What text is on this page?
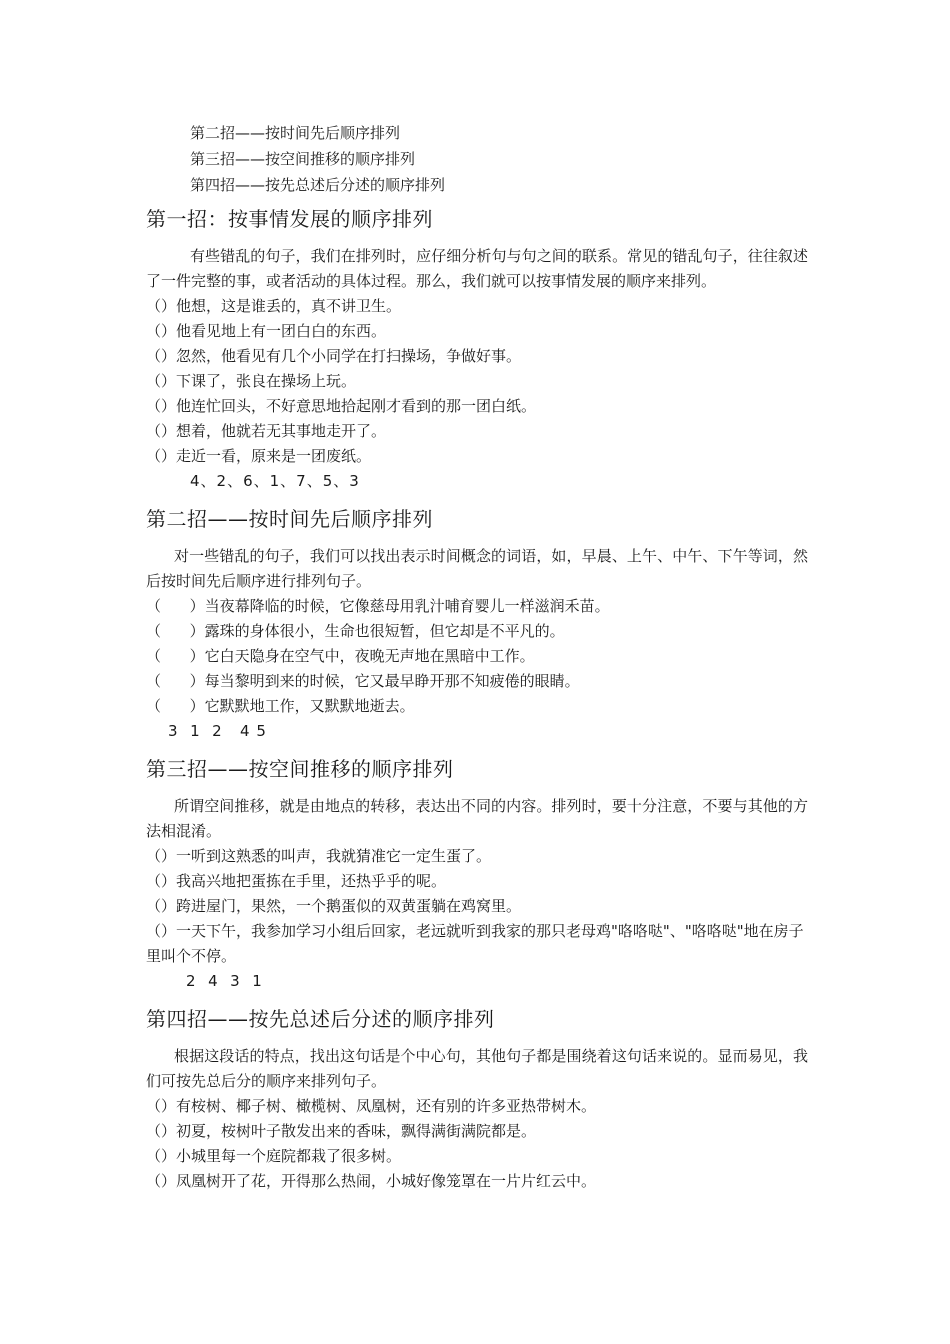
第二招——按时间先后顺序排列

第三招——按空间推移的顺序排列

第四招——按先总述后分述的顺序排列

第一招：按事情发展的顺序排列

有些错乱的句子，我们在排列时，应仔细分析句与句之间的联系。常见的错乱句子，往往叙述了一件完整的事，或者活动的具体过程。那么，我们就可以按事情发展的顺序来排列。

（）他想，这是谁丢的，真不讲卫生。

（）他看见地上有一团白白的东西。

（）忽然，他看见有几个小同学在打扫操场，争做好事。

（）下课了，张良在操场上玩。

（）他连忙回头，不好意思地拾起刚才看到的那一团白纸。

（）想着，他就若无其事地走开了。

（）走近一看，原来是一团废纸。

4、2、6、1、7、5、3

第二招——按时间先后顺序排列

对一些错乱的句子，我们可以找出表示时间概念的词语，如，早晨、上午、中午、下午等词，然后按时间先后顺序进行排列句子。

（      ）当夜幕降临的时候，它像慈母用乳汁哺育婴儿一样滋润禾苗。

（      ）露珠的身体很小，生命也很短暂，但它却是不平凡的。

（      ）它白天隐身在空气中，夜晚无声地在黑暗中工作。

（      ）每当黎明到来的时候，它又最早睁开那不知疲倦的眼睛。

（      ）它默默地工作，又默默地逝去。

3  1  2   4 5

第三招——按空间推移的顺序排列

所谓空间推移，就是由地点的转移，表达出不同的内容。排列时，要十分注意，不要与其他的方法相混淆。

（）一听到这熟悉的叫声，我就猜准它一定生蛋了。

（）我高兴地把蛋拣在手里，还热乎乎的呢。

（）跨进屋门，果然，一个鹅蛋似的双黄蛋躺在鸡窝里。

（）一天下午，我参加学习小组后回家，老远就听到我家的那只老母鸡"咯咯哒"、"咯咯哒"地在房子里叫个不停。

2  4  3  1

第四招——按先总述后分述的顺序排列

根据这段话的特点，找出这句话是个中心句，其他句子都是围绕着这句话来说的。显而易见，我们可按先总后分的顺序来排列句子。

（）有桉树、椰子树、橄榄树、凤凰树，还有别的许多亚热带树木。

（）初夏，桉树叶子散发出来的香味，飘得满街满院都是。

（）小城里每一个庭院都栽了很多树。

（）凤凰树开了花，开得那么热闹，小城好像笼罩在一片片红云中。
